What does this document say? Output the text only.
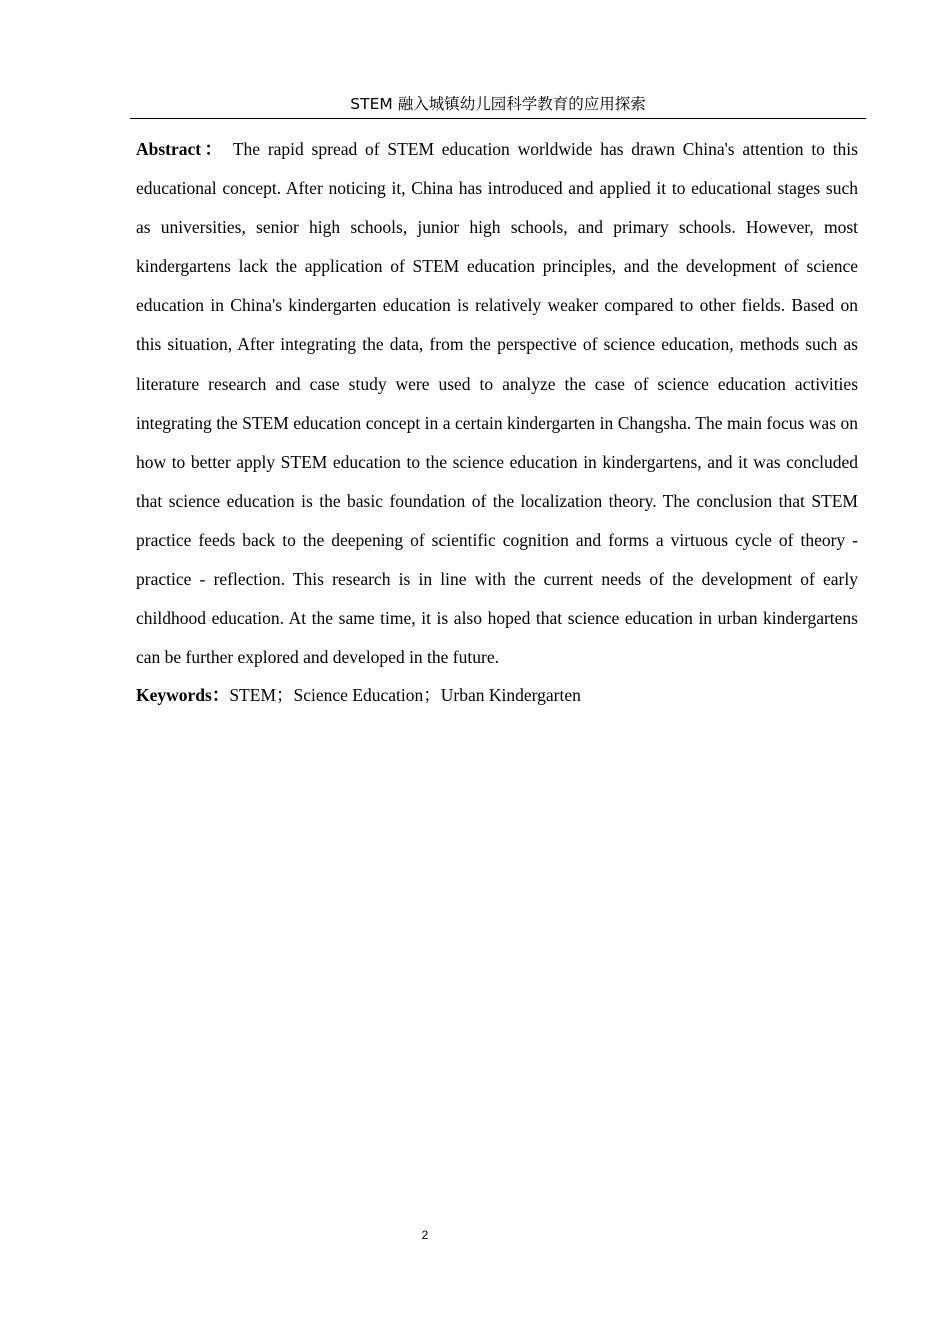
STEM 融入城镇幼儿园科学教育的应用探索

Abstract： The rapid spread of STEM education worldwide has drawn China's attention to this educational concept. After noticing it, China has introduced and applied it to educational stages such as universities, senior high schools, junior high schools, and primary schools. However, most kindergartens lack the application of STEM education principles, and the development of science education in China's kindergarten education is relatively weaker compared to other fields. Based on this situation, After integrating the data, from the perspective of science education, methods such as literature research and case study were used to analyze the case of science education activities integrating the STEM education concept in a certain kindergarten in Changsha. The main focus was on how to better apply STEM education to the science education in kindergartens, and it was concluded that science education is the basic foundation of the localization theory. The conclusion that STEM practice feeds back to the deepening of scientific cognition and forms a virtuous cycle of theory - practice - reflection. This research is in line with the current needs of the development of early childhood education. At the same time, it is also hoped that science education in urban kindergartens can be further explored and developed in the future.

Keywords：STEM；Science Education；Urban Kindergarten

2
